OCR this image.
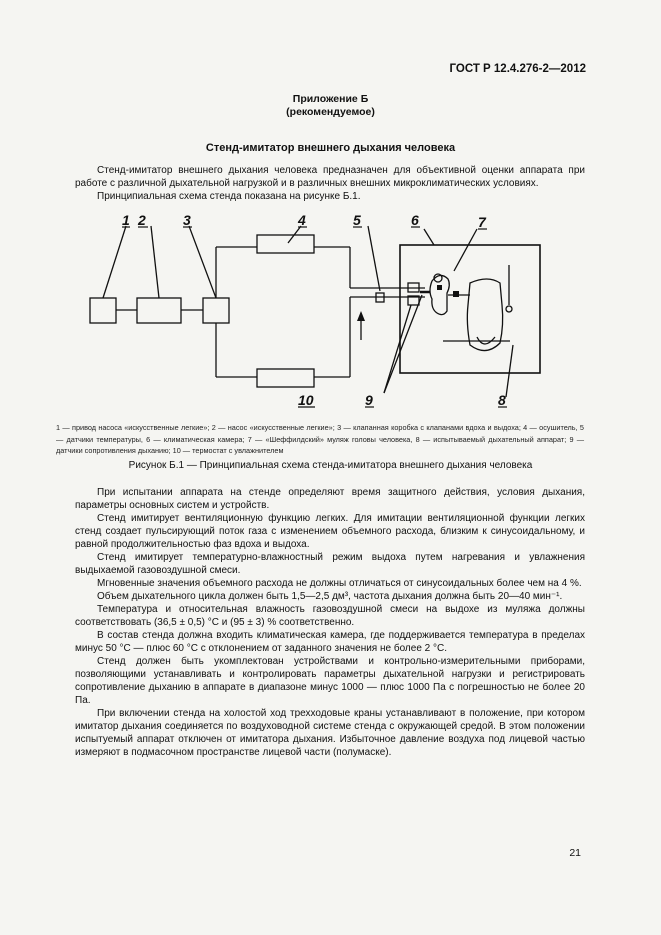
ГОСТ Р 12.4.276-2—2012
Приложение Б
(рекомендуемое)
Стенд-имитатор внешнего дыхания человека

Стенд-имитатор внешнего дыхания человека предназначен для объективной оценки аппарата при работе с различной дыхательной нагрузкой и в различных внешних микроклиматических условиях.

Принципиальная схема стенда показана на рисунке Б.1.

1 2	3	4	5	6	7
8
9
10
1 — привод насоса «искусственные легкие»; 2 — насос «искусственные легкие»; 3 — клапанная коробка с клапанами вдоха и выдоха; 4 — осушитель, 5 — датчики температуры, 6 — климатическая камера; 7 — «Шеффилдский» муляж головы человека, 8 — испытываемый дыхательный аппарат; 9 — датчики сопротивления дыханию; 10 — термостат с увлажнителем
Рисунок Б.1 — Принципиальная схема стенда-имитатора внешнего дыхания человека

При испытании аппарата на стенде определяют время защитного действия, условия дыхания, параметры основных систем и устройств.

Стенд имитирует вентиляционную функцию легких. Для имитации вентиляционной функции легких стенд создает пульсирующий поток газа с изменением объемного расхода, близким к синусоидальному, и равной продолжительностью фаз вдоха и выдоха.

Стенд имитирует температурно-влажностный режим выдоха путем нагревания и увлажнения выдыхаемой газовоздушной смеси.

Мгновенные значения объемного расхода не должны отличаться от синусоидальных более чем на 4 %.

Объем дыхательного цикла должен быть 1,5—2,5 дм³, частота дыхания должна быть 20—40 мин⁻¹.

Температура и относительная влажность газовоздушной смеси на выдохе из муляжа должны соответствовать (36,5 ± 0,5) °С и (95 ± 3) % соответственно.

В состав стенда должна входить климатическая камера, где поддерживается температура в пределах минус 50 °С — плюс 60 °С с отклонением от заданного значения не более 2 °С.

Стенд должен быть укомплектован устройствами и контрольно-измерительными приборами, позволяющими устанавливать и контролировать параметры дыхательной нагрузки и регистрировать сопротивление дыханию в аппарате в диапазоне минус 1000 — плюс 1000 Па с погрешностью не более 20 Па.

При включении стенда на холостой ход трехходовые краны устанавливают в положение, при котором имитатор дыхания соединяется по воздуховодной системе стенда с окружающей средой. В этом положении испытуемый аппарат отключен от имитатора дыхания. Избыточное давление воздуха под лицевой частью измеряют в подмасочном пространстве лицевой части (полумаске).

21
